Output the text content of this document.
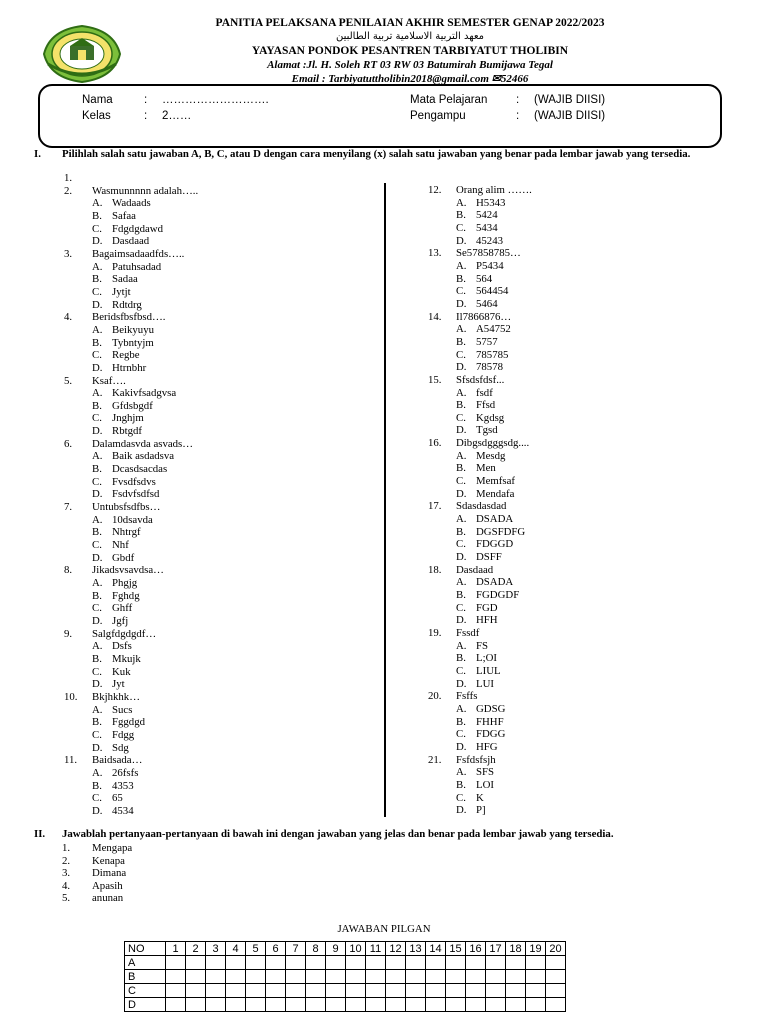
PANITIA PELAKSANA PENILAIAN AKHIR SEMESTER GENAP 2022/2023
معهد التربية الاسلامية تربية الطالبين
YAYASAN PONDOK PESANTREN TARBIYATUT THOLIBIN
Alamat :Jl. H. Soleh RT 03 RW 03 Batumirah Bumijawa Tegal
Email : Tarbiyatuttholibin2018@gmail.com ✉52466
Nama	: ……………………….
Kelas	: 2……
Mata Pelajaran : (WAJIB DIISI)
Pengampu	: (WAJIB DIISI)
I. Pilihlah salah satu jawaban A, B, C, atau D dengan cara menyilang (x) salah satu jawaban yang benar pada lembar jawab yang tersedia.
1.
2.	Wasmunnnnn adalah…..
A. Wadaads
B. Safaa
C. Fdgdgdawd
D. Dasdaad
3.	Bagaimsadaadfds…..
A. Patuhsadad
B. Sadaa
C. Jytjt
D. Rdtdrg
4.	Beridsfbsfbsd….
A. Beikyuyu
B. Tybntyjm
C. Regbe
D. Htrnbhr
5.	Ksaf….
A. Kakivfsadgvsa
B. Gfdsbgdf
C. Jnghjm
D. Rbtgdf
6.	Dalamdasvda asvads…
A. Baik asdadsva
B. Dcasdsacdas
C. Fvsdfsdvs
D. Fsdvfsdfsd
7.	Untubsfsdfbs…
A. 10dsavda
B. Nhtrgf
C. Nhf
D. Gbdf
8.	Jikadsvsavdsa…
A. Phgjg
B. Fghdg
C. Ghff
D. Jgfj
9.	Salgfdgdgdf…
A. Dsfs
B. Mkujk
C. Kuk
D. Jyt
10.	Bkjhkhk…
A. Sucs
B. Fggdgd
C. Fdgg
D. Sdg
11.	Baidsada…
A. 26fsfs
B. 4353
C. 65
D. 4534
12.	Orang alim …….
A. H5343
B. 5424
C. 5434
D. 45243
13.	Se57858785…
A. P5434
B. 564
C. 564454
D. 5464
14.	Il7866876…
A. A54752
B. 5757
C. 785785
D. 78578
15.	Sfsdsfdsf...
A. fsdf
B. Ffsd
C. Kgdsg
D. Tgsd
16.	Dibgsdgggsdg....
A. Mesdg
B. Men
C. Memfsaf
D. Mendafa
17.	Sdasdasdad
A. DSADA
B. DGSFDFG
C. FDGGD
D. DSFF
18.	Dasdaad
A. DSADA
B. FGDGDF
C. FGD
D. HFH
19.	Fssdf
A. FS
B. L;OI
C. LIUL
D. LUI
20.	Fsffs
A. GDSG
B. FHHF
C. FDGG
D. HFG
21.	Fsfdsfsjh
A. SFS
B. LOI
C. K
D. P]
II. Jawablah pertanyaan-pertanyaan di bawah ini dengan jawaban yang jelas dan benar pada lembar jawab yang tersedia.
1.	Mengapa
2.	Kenapa
3.	Dimana
4.	Apasih
5.	anunan
JAWABAN PILGAN
NO	1	2	3	4	5	6	7	8	9	10	11	12	13	14	15	16	17	18	19	20
A																				
B																				
C																				
D																				
